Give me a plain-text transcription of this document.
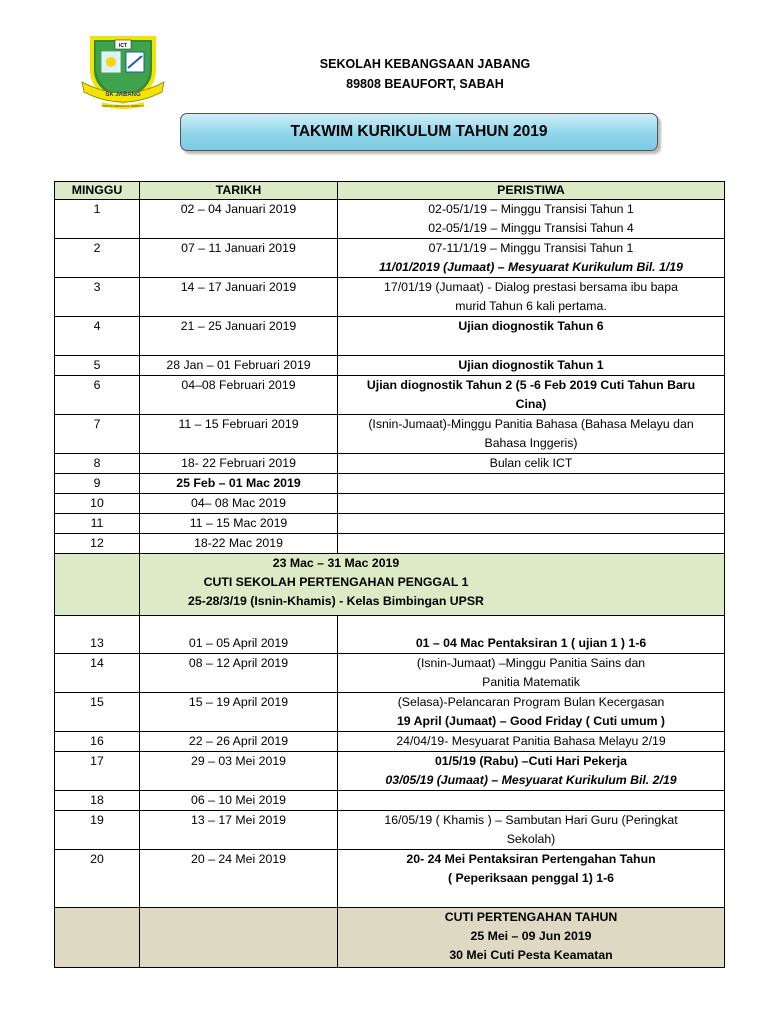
ICT
SK JABANG
BERILMU BERAKHLAK BERBAKTI
SEKOLAH KEBANGSAAN JABANG
89808 BEAUFORT, SABAH
TAKWIM KURIKULUM TAHUN 2019
MINGGU	TARIKH	PERISTIWA
1	02 – 04 Januari 2019	02-05/1/19 – Minggu Transisi Tahun 1
02-05/1/19 – Minggu Transisi Tahun 4

2	07 – 11 Januari 2019	07-11/1/19 – Minggu Transisi Tahun 1
11/01/2019 (Jumaat) – Mesyuarat Kurikulum Bil. 1/19

3	14 – 17 Januari 2019	17/01/19 (Jumaat) - Dialog prestasi bersama ibu bapa
murid Tahun 6 kali pertama.

4	21 – 25 Januari 2019	Ujian diognostik Tahun 6

5	28 Jan – 01 Februari 2019	Ujian diognostik Tahun 1

6	04–08 Februari 2019	Ujian diognostik Tahun 2 (5 -6 Feb 2019 Cuti Tahun Baru
Cina)

7	11 – 15 Februari 2019	(Isnin-Jumaat)-Minggu Panitia Bahasa (Bahasa Melayu dan
Bahasa Inggeris)

8	18- 22 Februari 2019	Bulan celik ICT

9	25 Feb – 01 Mac 2019	
10	04– 08 Mac 2019	
11	11 – 15 Mac 2019	
12	18-22 Mac 2019	

	23 Mac – 31 Mac 2019
CUTI SEKOLAH PERTENGAHAN PENGGAL 1
25-28/3/19 (Isnin-Khamis) - Kelas Bimbingan UPSR	

13	01 – 05 April 2019	01 – 04 Mac Pentaksiran 1 ( ujian 1 ) 1-6

14	08 – 12 April 2019	(Isnin-Jumaat) –Minggu Panitia Sains dan
Panitia Matematik

15	15 – 19 April 2019	(Selasa)-Pelancaran Program Bulan Kecergasan
19 April (Jumaat) – Good Friday ( Cuti umum )

16	22 – 26 April 2019	24/04/19- Mesyuarat Panitia Bahasa Melayu 2/19

17	29 – 03 Mei 2019	01/5/19 (Rabu) –Cuti Hari Pekerja
03/05/19 (Jumaat) – Mesyuarat Kurikulum Bil. 2/19

18	06 – 10 Mei 2019	
19	13 – 17 Mei 2019	16/05/19 ( Khamis ) – Sambutan Hari Guru (Peringkat
Sekolah)

20	20 – 24 Mei 2019	20- 24 Mei Pentaksiran Pertengahan Tahun
( Peperiksaan penggal 1) 1-6

		CUTI PERTENGAHAN TAHUN
25 Mei – 09 Jun 2019
30 Mei Cuti Pesta Keamatan
